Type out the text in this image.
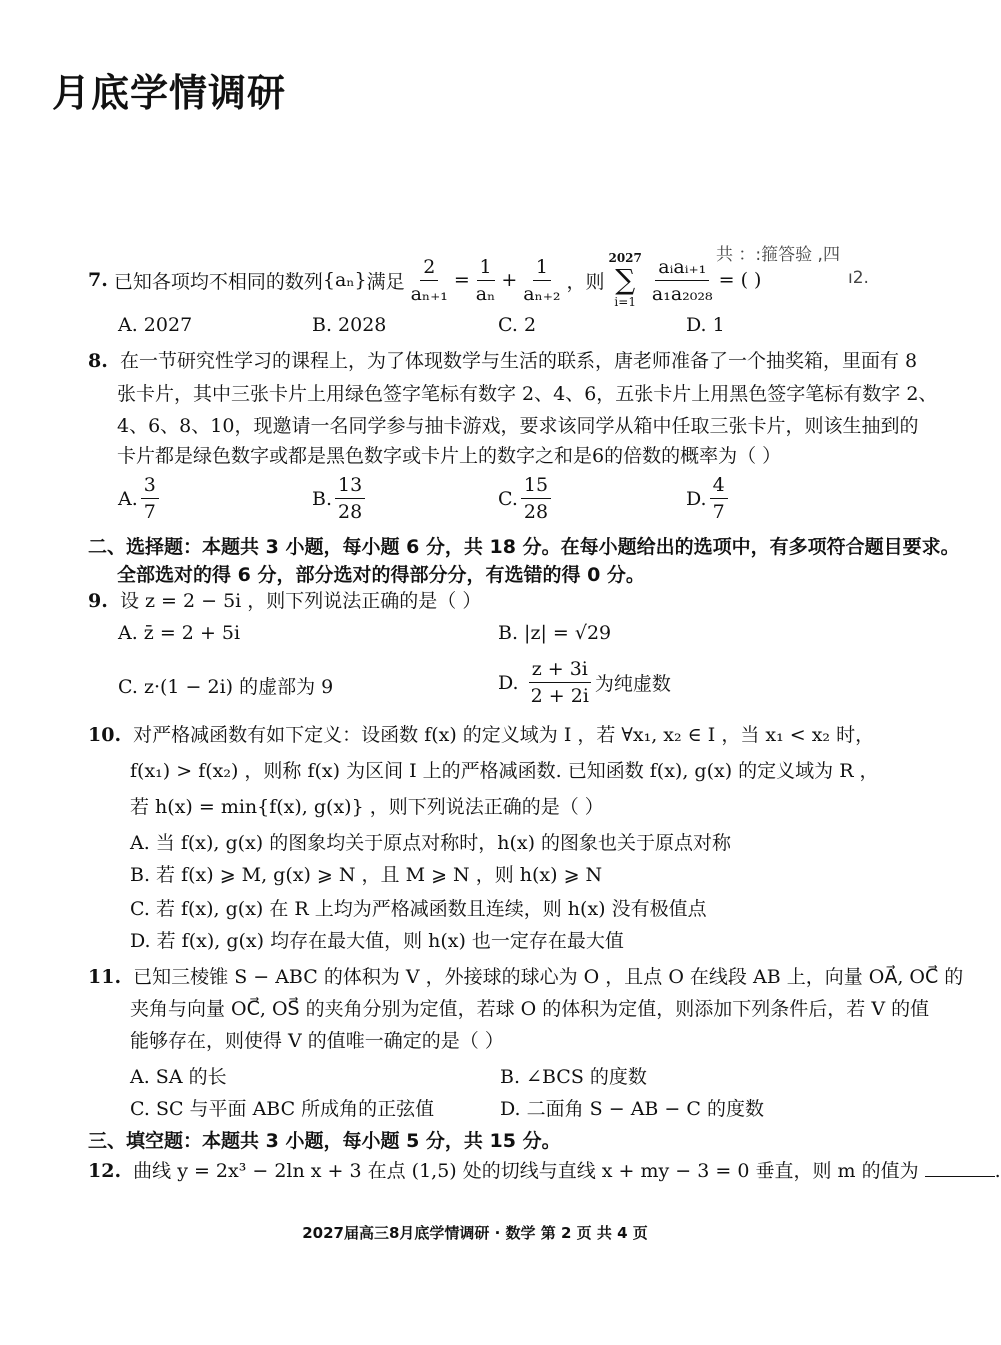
月底学情调研
共 ：:箍答验 ,四
ı2.
7.
已知各项均不相同的数列 {aₙ} 满足 $\frac{2}{\text{aₙ₊₁}} = \frac{1}{\text{aₙ}} + \frac{1}{\text{aₙ₊₂}}$ ，则
2027
∑
$i=1 \frac{\text{aᵢaᵢ₊₁}}{\text{a₁a₂₀₂₈}}$ = ( )
A. 2027	B. 2028	C. 2	D. 1
8. 在一节研究性学习的课程上，为了体现数学与生活的联系，唐老师准备了一个抽奖箱，里面有 8
张卡片，其中三张卡片上用绿色签字笔标有数字 2、4、6，五张卡片上用黑色签字笔标有数字 2、
4、6、8、10，现邀请一名同学参与抽卡游戏，要求该同学从箱中任取三张卡片，则该生抽到的
卡片都是绿色数字或都是黑色数字或卡片上的数字之和是6的倍数的概率为（ ）
A. $\frac{3}{7}$	B. $\frac{13}{28}$	C. $\frac{15}{28}$	D. $\frac{4}{7}$
二、选择题：本题共 3 小题，每小题 6 分，共 18 分。在每小题给出的选项中，有多项符合题目要求。
全部选对的得 6 分，部分选对的得部分分，有选错的得 0 分。
9. 设 z = 2 − 5i ，则下列说法正确的是（ ）
A. z̄ = 2 + 5i	B. |z| = √29
C. z·(1 − 2i) 的虚部为 9	D.
$\frac{z + 3i}{2 + 2i}$ 为纯虚数
10. 对严格减函数有如下定义：设函数 f(x) 的定义域为 I ，若 ∀x₁, x₂ ∈ I ，当 x₁ < x₂ 时，
f(x₁) > f(x₂) ，则称 f(x) 为区间 I 上的严格减函数. 已知函数 f(x), g(x) 的定义域为 R ，
若 h(x) = min{f(x), g(x)} ，则下列说法正确的是（ ）
A. 当 f(x), g(x) 的图象均关于原点对称时，h(x) 的图象也关于原点对称
B. 若 f(x) ⩾ M, g(x) ⩾ N ，且 M ⩾ N ，则 h(x) ⩾ N
C. 若 f(x), g(x) 在 R 上均为严格减函数且连续，则 h(x) 没有极值点
D. 若 f(x), g(x) 均存在最大值，则 h(x) 也一定存在最大值
11. 已知三棱锥 S − ABC 的体积为 V ，外接球的球心为 O ，且点 O 在线段 AB 上，向量 OA⃗, OC⃗ 的
夹角与向量 OC⃗, OS⃗ 的夹角分别为定值，若球 O 的体积为定值，则添加下列条件后，若 V 的值
能够存在，则使得 V 的值唯一确定的是（ ）
A. SA 的长	B. ∠BCS 的度数
C. SC 与平面 ABC 所成角的正弦值	D. 二面角 S − AB − C 的度数
三、填空题：本题共 3 小题，每小题 5 分，共 15 分。
12. 曲线 y = 2x³ − 2ln x + 3 在点 (1,5) 处的切线与直线 x + my − 3 = 0 垂直，则 m 的值为	.
2027届高三8月底学情调研 · 数学 第 2 页 共 4 页
